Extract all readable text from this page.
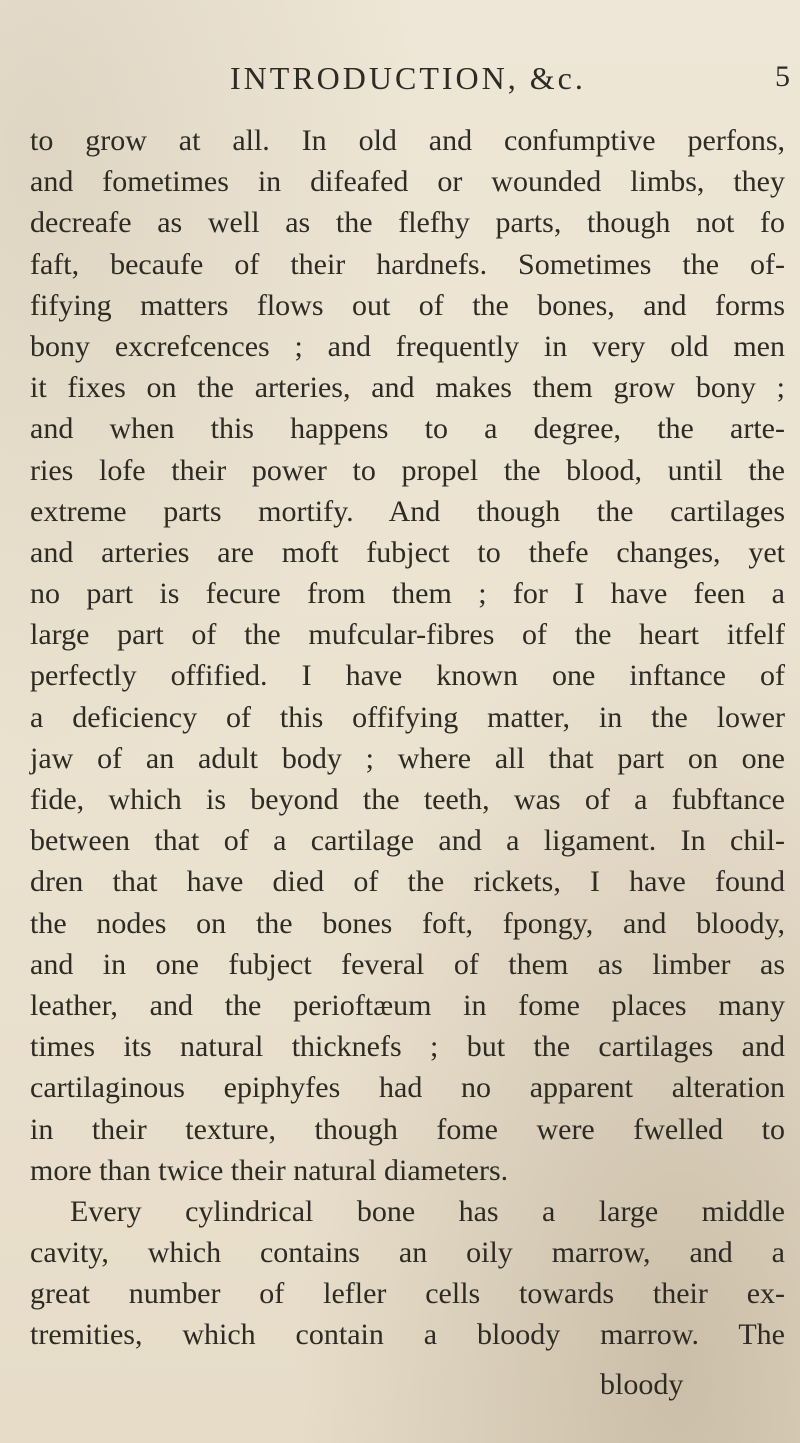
INTRODUCTION, &c.	5
to grow at all. In old and confumptive perfons,
and fometimes in difeafed or wounded limbs, they
decreafe as well as the flefhy parts, though not fo
faft, becaufe of their hardnefs. Sometimes the of-
fifying matters flows out of the bones, and forms
bony excrefcences ; and frequently in very old men
it fixes on the arteries, and makes them grow bony ;
and when this happens to a degree, the arte-
ries lofe their power to propel the blood, until the
extreme parts mortify. And though the cartilages
and arteries are moft fubject to thefe changes, yet
no part is fecure from them ; for I have feen a
large part of the mufcular-fibres of the heart itfelf
perfectly offified. I have known one inftance of
a deficiency of this offifying matter, in the lower
jaw of an adult body ; where all that part on one
fide, which is beyond the teeth, was of a fubftance
between that of a cartilage and a ligament. In chil-
dren that have died of the rickets, I have found
the nodes on the bones foft, fpongy, and bloody,
and in one fubject feveral of them as limber as
leather, and the perioftæum in fome places many
times its natural thicknefs ; but the cartilages and
cartilaginous epiphyfes had no apparent alteration
in their texture, though fome were fwelled to
more than twice their natural diameters.
Every cylindrical bone has a large middle
cavity, which contains an oily marrow, and a
great number of lefler cells towards their ex-
tremities, which contain a bloody marrow. The
bloody
